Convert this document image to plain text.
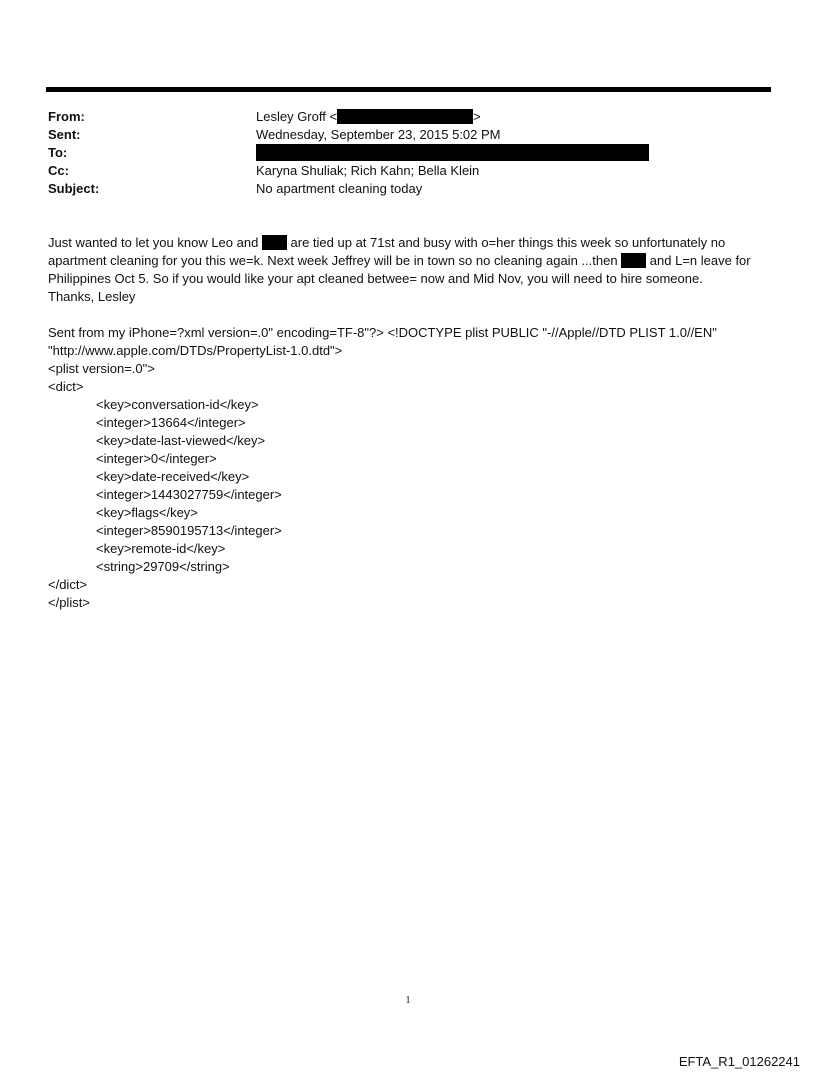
From:	Lesley Groff <	>
Sent:	Wednesday, September 23, 2015 5:02 PM
To:
Cc:	Karyna Shuliak; Rich Kahn; Bella Klein
Subject:	No apartment cleaning today

Just wanted to let you know Leo and  are tied up at 71st and busy with o=her things this week so unfortunately no apartment cleaning for you this we=k. Next week Jeffrey will be in town so no cleaning again ...then  and L=n leave for Philippines Oct 5. So if you would like your apt cleaned betwee= now and Mid Nov, you will need to hire someone.

Thanks, Lesley

Sent from my iPhone=?xml version=.0" encoding=TF-8"?> <!DOCTYPE plist PUBLIC "-//Apple//DTD PLIST 1.0//EN"

"http://www.apple.com/DTDs/PropertyList-1.0.dtd">

<plist version=.0">

<dict>

<key>conversation-id</key>

<integer>13664</integer>

<key>date-last-viewed</key>

<integer>0</integer>

<key>date-received</key>

<integer>1443027759</integer>

<key>flags</key>

<integer>8590195713</integer>

<key>remote-id</key>

<string>29709</string>

</dict>

</plist>

1
EFTA_R1_01262241
